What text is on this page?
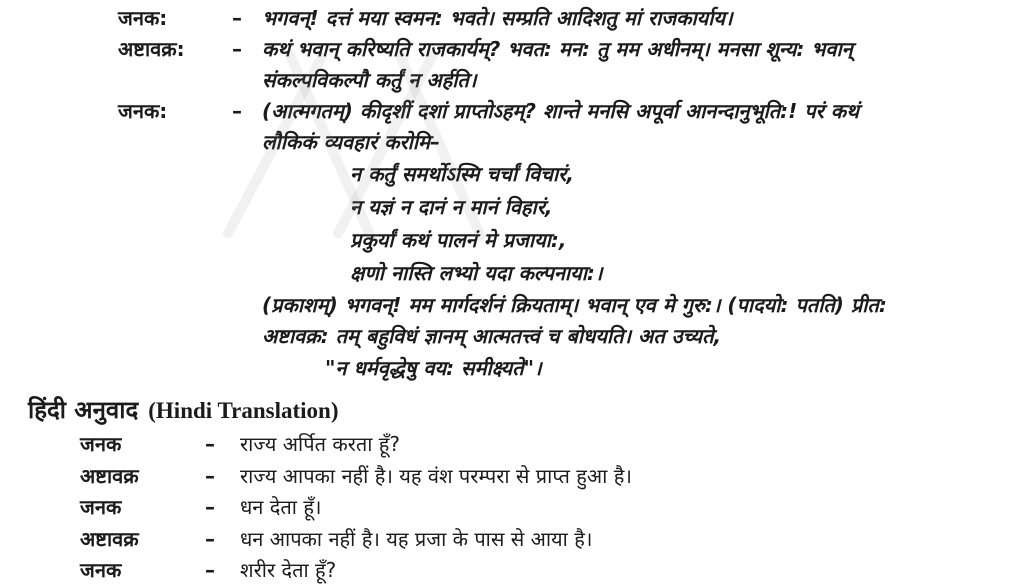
जनक:	–	भगवन्! दत्तं मया स्वमन: भवते। सम्प्रति आदिशतु मां राजकार्याय।
अष्टावक्र:	–	कथं भवान् करिष्यति राजकार्यम्? भवत: मन: तु मम अधीनम्। मनसा शून्य: भवान्
संकल्पविकल्पौ कर्तुं न अर्हति।
जनक:	–	(आत्मगतम्) कीदृशीं दशां प्राप्तोऽहम्? शान्ते मनसि अपूर्वा आनन्दानुभूति:! परं कथं
लौकिकं व्यवहारं करोमि–
न कर्तुं समर्थोऽस्मि चर्चां विचारं,
न यज्ञं न दानं न मानं विहारं,
प्रकुर्यां कथं पालनं मे प्रजाया:,
क्षणो नास्ति लभ्यो यदा कल्पनाया:।
(प्रकाशम्) भगवन्! मम मार्गदर्शनं क्रियताम्। भवान् एव मे गुरु:। (पादयो: पतति) प्रीत:
अष्टावक्र: तम् बहुविधं ज्ञानम् आत्मतत्त्वं च बोधयति। अत उच्यते,
"न धर्मवृद्धेषु वय: समीक्ष्यते"।
हिंदी अनुवाद (Hindi Translation)
जनक	–	राज्य अर्पित करता हूँ?
अष्टावक्र	–	राज्य आपका नहीं है। यह वंश परम्परा से प्राप्त हुआ है।
जनक	–	धन देता हूँ।
अष्टावक्र	–	धन आपका नहीं है। यह प्रजा के पास से आया है।
जनक	–	शरीर देता हूँ?
